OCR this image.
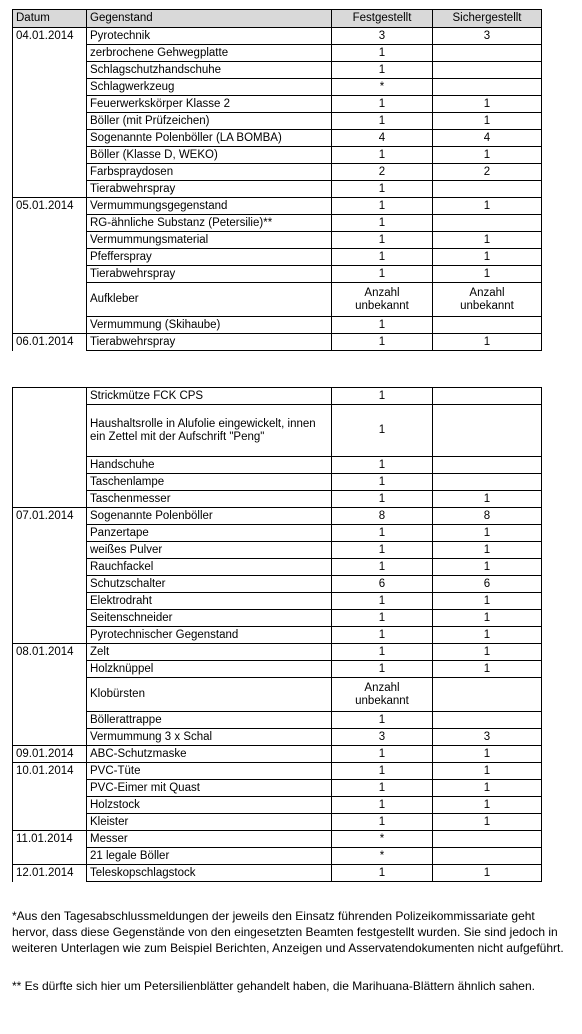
Datum	Gegenstand	Festgestellt	Sichergestellt
04.01.2014	Pyrotechnik	3	3
	zerbrochene Gehwegplatte	1	
	Schlagschutzhandschuhe	1	
	Schlagwerkzeug	*	
	Feuerwerkskörper Klasse 2	1	1
	Böller (mit Prüfzeichen)	1	1
	Sogenannte Polenböller (LA BOMBA)	4	4
	Böller (Klasse D, WEKO)	1	1
	Farbspraydosen	2	2
	Tierabwehrspray	1	
05.01.2014	Vermummungsgegenstand	1	1
	RG-ähnliche Substanz (Petersilie)**	1	
	Vermummungsmaterial	1	1
	Pfefferspray	1	1
	Tierabwehrspray	1	1
	Aufkleber	Anzahl unbekannt	Anzahl unbekannt
	Vermummung (Skihaube)	1	
06.01.2014	Tierabwehrspray	1	1
	Strickmütze FCK CPS	1	
	Haushaltsrolle in Alufolie eingewickelt, innen ein Zettel mit der Aufschrift "Peng"	1	
	Handschuhe	1	
	Taschenlampe	1	
	Taschenmesser	1	1
07.01.2014	Sogenannte Polenböller	8	8
	Panzertape	1	1
	weißes Pulver	1	1
	Rauchfackel	1	1
	Schutzschalter	6	6
	Elektrodraht	1	1
	Seitenschneider	1	1
	Pyrotechnischer Gegenstand	1	1
08.01.2014	Zelt	1	1
	Holzknüppel	1	1
	Klobürsten	Anzahl unbekannt	
	Böllerattrappe	1	
	Vermummung 3 x Schal	3	3
09.01.2014	ABC-Schutzmaske	1	1
10.01.2014	PVC-Tüte	1	1
	PVC-Eimer mit Quast	1	1
	Holzstock	1	1
	Kleister	1	1
11.01.2014	Messer	*	
	21 legale Böller	*	
12.01.2014	Teleskopschlagstock	1	1
*Aus den Tagesabschlussmeldungen der jeweils den Einsatz führenden Polizeikommissariate geht hervor, dass diese Gegenstände von den eingesetzten Beamten festgestellt wurden. Sie sind jedoch in weiteren Unterlagen wie zum Beispiel Berichten, Anzeigen und Asservatendokumenten nicht aufgeführt.
** Es dürfte sich hier um Petersilienblätter gehandelt haben, die Marihuana-Blättern ähnlich sahen.
